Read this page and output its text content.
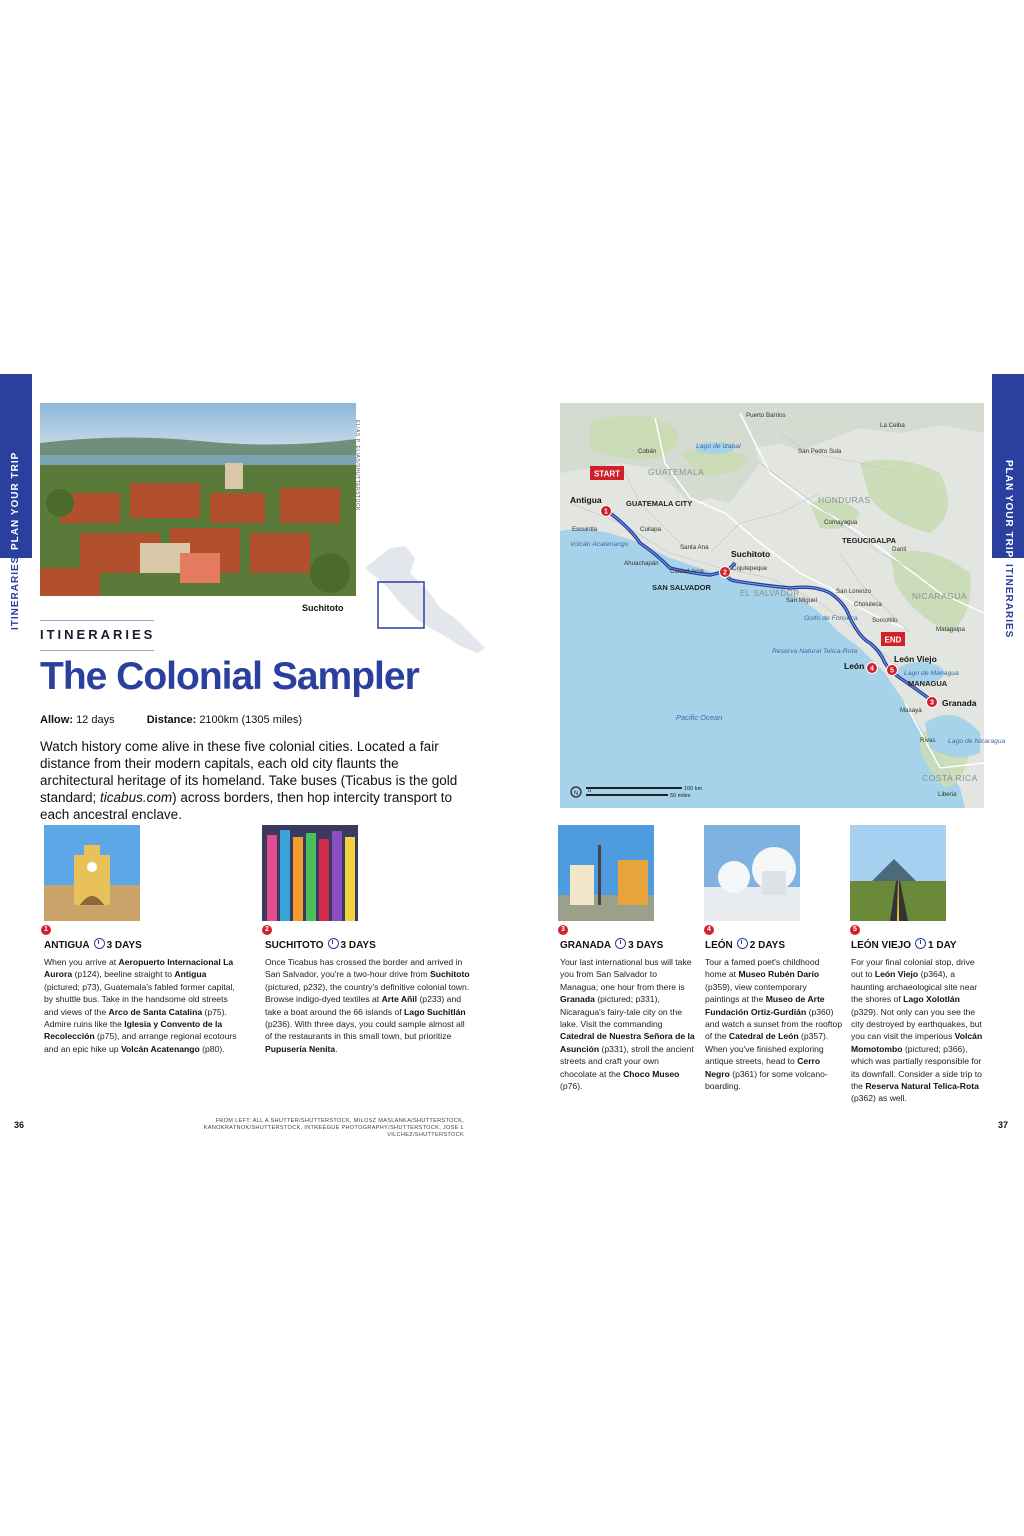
PLAN YOUR TRIP
ITINERARIES
PLAN YOUR TRIP
ITINERARIES
ELIAS P. ELIAS/SHUTTERSTOCK
Suchitoto
ITINERARIES
The Colonial Sampler
Allow: 12 days	Distance: 2100km (1305 miles)
Watch history come alive in these five colonial cities. Located a fair distance from their modern capitals, each old city flaunts the architectural heritage of its homeland. Take buses (Ticabus is the gold standard; ticabus.com) across borders, then hop intercity transport to each ancestral enclave.
1
ANTIGUA 3 DAYS
When you arrive at Aeropuerto Internacional La Aurora (p124), beeline straight to Antigua (pictured; p73), Guatemala's fabled former capital, by shuttle bus. Take in the handsome old streets and views of the Arco de Santa Catalina (p75). Admire ruins like the Iglesia y Convento de la Recolección (p75), and arrange regional ecotours and an epic hike up Volcán Acatenango (p80).
2
SUCHITOTO 3 DAYS
Once Ticabus has crossed the border and arrived in San Salvador, you're a two-hour drive from Suchitoto (pictured, p232), the country's definitive colonial town. Browse indigo-dyed textiles at Arte Añil (p233) and take a boat around the 66 islands of Lago Suchitlán (p236). With three days, you could sample almost all of the restaurants in this small town, but prioritize Pupusería Nenita.
3
GRANADA 3 DAYS
Your last international bus will take you from San Salvador to Managua; one hour from there is Granada (pictured; p331), Nicaragua's fairy-tale city on the lake. Visit the commanding Catedral de Nuestra Señora de la Asunción (p331), stroll the ancient streets and craft your own chocolate at the Choco Museo (p76).
4
LEÓN 2 DAYS
Tour a famed poet's childhood home at Museo Rubén Darío (p359), view contemporary paintings at the Museo de Arte Fundación Ortiz-Gurdián (p360) and watch a sunset from the rooftop of the Catedral de León (p357). When you've finished exploring antique streets, head to Cerro Negro (p361) for some volcano-boarding.
5
LEÓN VIEJO 1 DAY
For your final colonial stop, drive out to León Viejo (p364), a haunting archaeological site near the shores of Lago Xolotlán (p329). Not only can you see the city destroyed by earthquakes, but you can visit the imperious Volcán Momotombo (pictured; p366), which was partially responsible for its downfall. Consider a side trip to the Reserva Natural Telica-Rota (p362) as well.
36	37
FROM LEFT: ALL A SHUTTER/SHUTTERSTOCK, MILOSZ MASLANKA/SHUTTERSTOCK, KANOKRATNOK/SHUTTERSTOCK, INTREEGUE PHOTOGRAPHY/SHUTTERSTOCK, JOSE L VILCHEZ/SHUTTERSTOCK
1
2
3
4 5
START
END
Antigua
Suchitoto
Granada
León
León Viejo
GUATEMALA
HONDURAS
EL SALVADOR	NICARAGUA
COSTA RICA
GUATEMALA CITY
SAN SALVADOR
TEGUCIGALPA
MANAGUA
Puerto Barrios
La Ceiba
Cobán	San Pedro Sula
Escuintla	Cuilapa
Santa Ana
Ahuachapán
Cojutepeque
Ciudad Arce
Comayagua
Danlí
San Lorenzo
Choluteca
San Miguel
Somotillo
Matagalpa
Masaya
Rivas
Liberia
Lago de Izabal
Volcán Acatenango
Golfo de Fonseca
Reserva Natural Telica-Rota
Lago de Managua
Pacific Ocean
Lago de Nicaragua
N 0	100 km
50 miles
